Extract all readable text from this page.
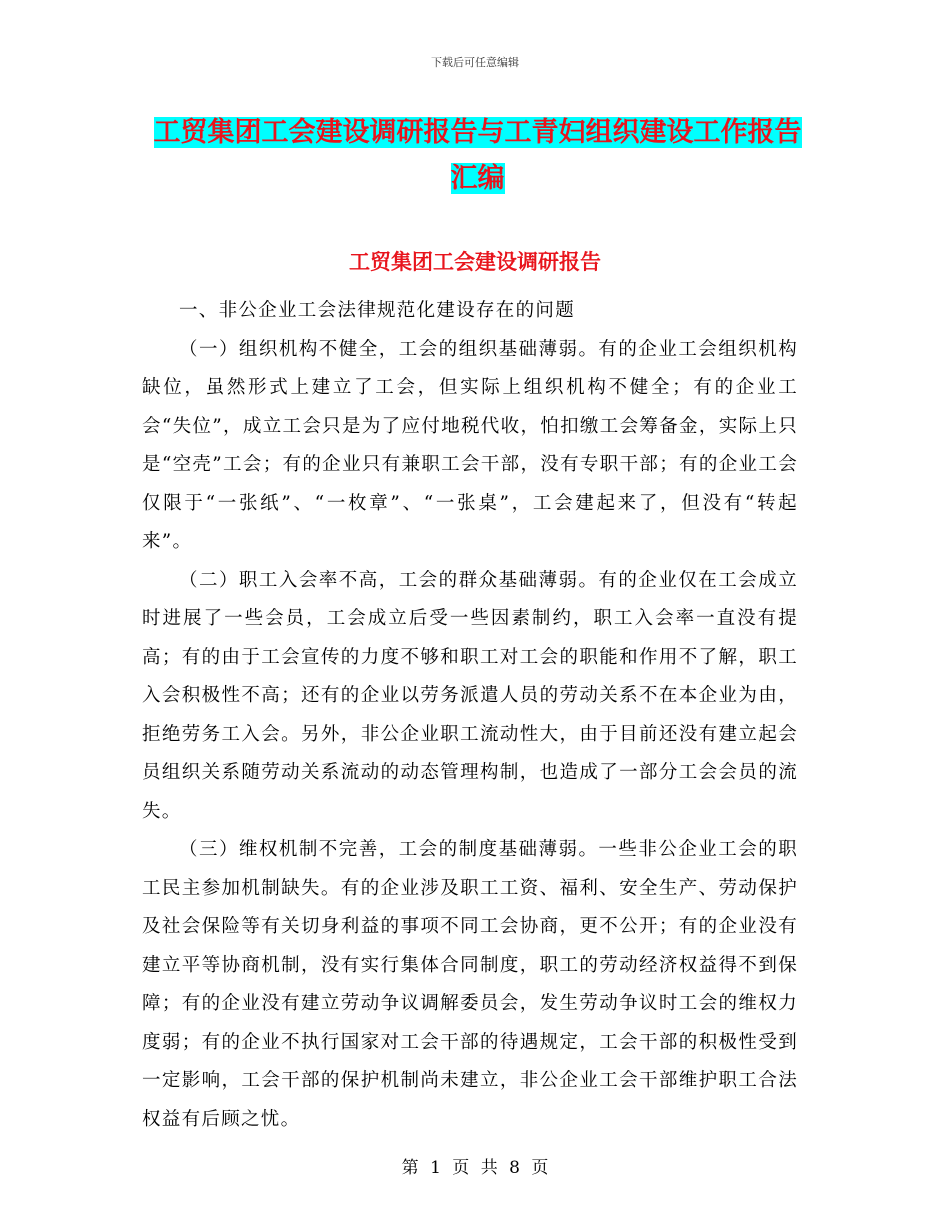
下载后可任意编辑
工贸集团工会建设调研报告与工青妇组织建设工作报告汇编
工贸集团工会建设调研报告

一、非公企业工会法律规范化建设存在的问题

（一）组织机构不健全，工会的组织基础薄弱。有的企业工会组织机构缺位，虽然形式上建立了工会，但实际上组织机构不健全；有的企业工会“失位”，成立工会只是为了应付地税代收，怕扣缴工会筹备金，实际上只是“空壳”工会；有的企业只有兼职工会干部，没有专职干部；有的企业工会仅限于“一张纸”、“一枚章”、“一张桌”，工会建起来了，但没有“转起来”。

（二）职工入会率不高，工会的群众基础薄弱。有的企业仅在工会成立时进展了一些会员，工会成立后受一些因素制约，职工入会率一直没有提高；有的由于工会宣传的力度不够和职工对工会的职能和作用不了解，职工入会积极性不高；还有的企业以劳务派遣人员的劳动关系不在本企业为由，拒绝劳务工入会。另外，非公企业职工流动性大，由于目前还没有建立起会员组织关系随劳动关系流动的动态管理构制，也造成了一部分工会会员的流失。

（三）维权机制不完善，工会的制度基础薄弱。一些非公企业工会的职工民主参加机制缺失。有的企业涉及职工工资、福利、安全生产、劳动保护及社会保险等有关切身利益的事项不同工会协商，更不公开；有的企业没有建立平等协商机制，没有实行集体合同制度，职工的劳动经济权益得不到保障；有的企业没有建立劳动争议调解委员会，发生劳动争议时工会的维权力度弱；有的企业不执行国家对工会干部的待遇规定，工会干部的积极性受到一定影响，工会干部的保护机制尚未建立，非公企业工会干部维护职工合法权益有后顾之忧。

第 1 页 共 8 页
